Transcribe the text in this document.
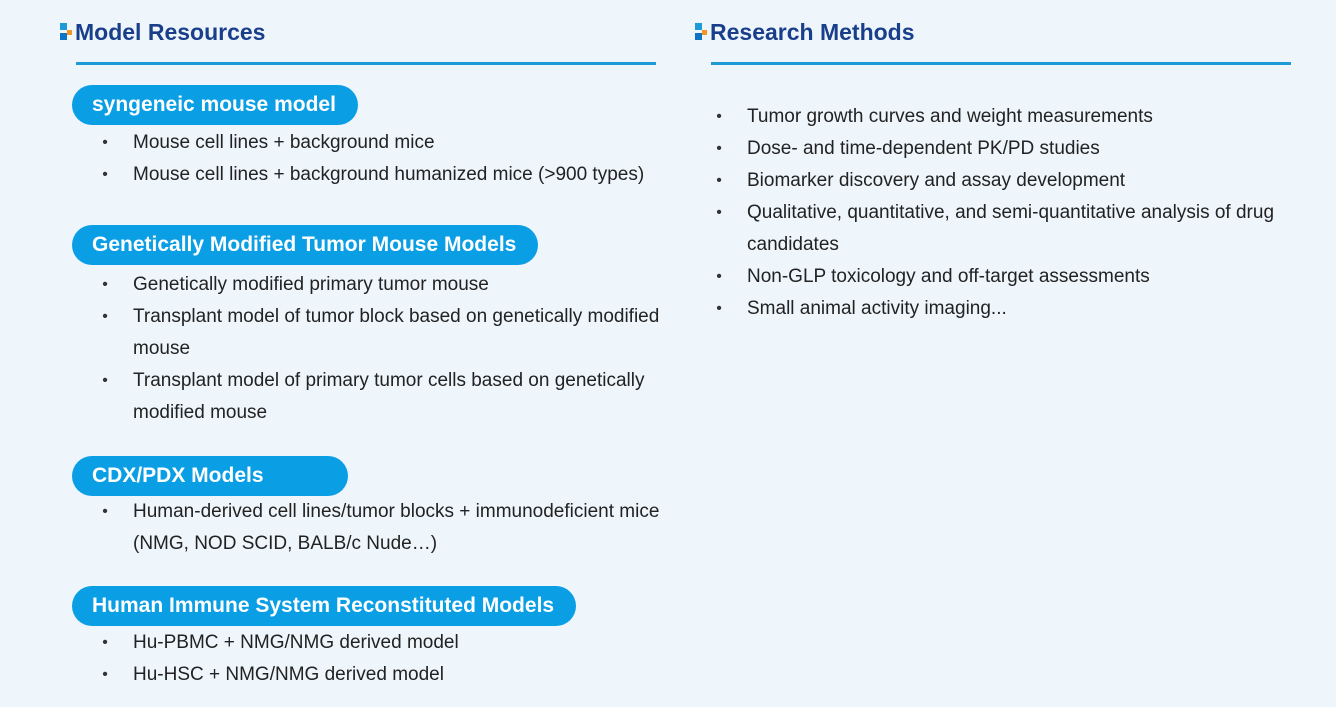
Model Resources
syngeneic mouse model
• Mouse cell lines + background mice
• Mouse cell lines + background humanized mice (>900 types)
Genetically Modified Tumor Mouse Models
• Genetically modified primary tumor mouse
• Transplant model of tumor block based on genetically modified mouse
• Transplant model of primary tumor cells based on genetically modified mouse
CDX/PDX Models
• Human-derived cell lines/tumor blocks + immunodeficient mice (NMG, NOD SCID, BALB/c Nude…)
Human Immune System Reconstituted Models
• Hu-PBMC + NMG/NMG derived model
• Hu-HSC + NMG/NMG derived model
Research Methods
• Tumor growth curves and weight measurements
• Dose- and time-dependent PK/PD studies
• Biomarker discovery and assay development
• Qualitative, quantitative, and semi-quantitative analysis of drug candidates
• Non-GLP toxicology and off-target assessments
• Small animal activity imaging...
